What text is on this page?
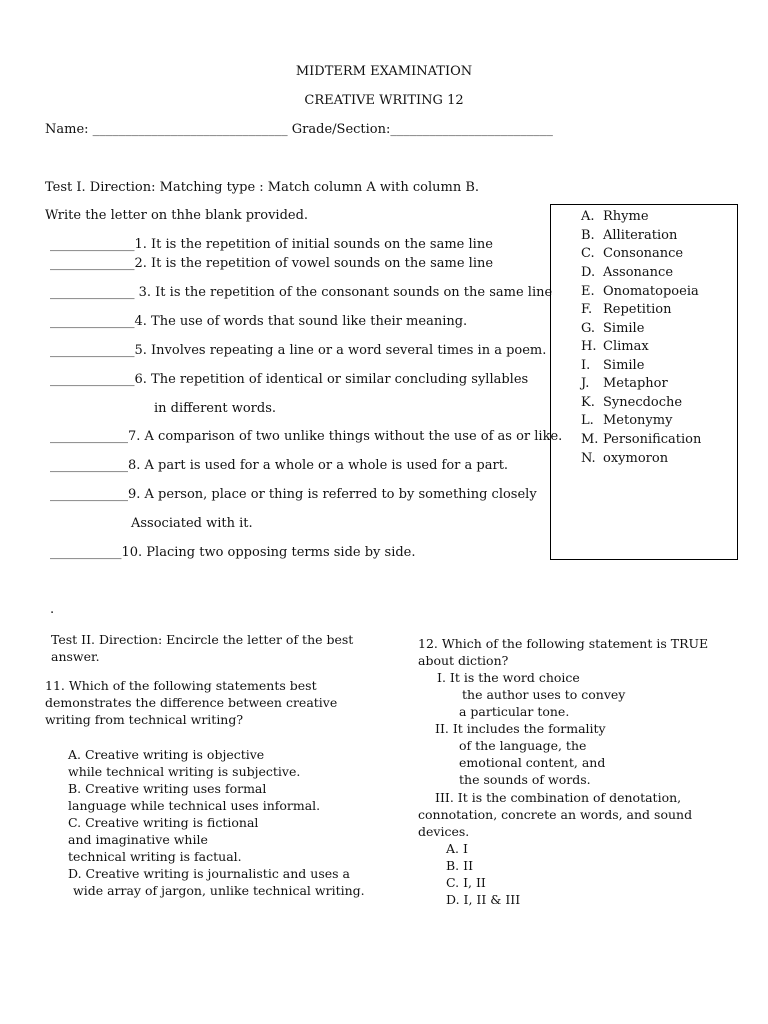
MIDTERM EXAMINATION
CREATIVE WRITING 12
Name: ______________________________ Grade/Section:_________________________
Test I. Direction: Matching type : Match column A with column B.
Write the letter on thhe blank provided.
_____________1. It is the repetition of initial sounds on the same line
_____________2. It is the repetition of vowel sounds on the same line
_____________ 3. It is the repetition of the consonant sounds on the same line
_____________4. The use of words that sound like their meaning.
_____________5. Involves repeating a line or a word several times in a poem.
_____________6. The repetition of identical or similar concluding syllables
in different words.
____________7. A comparison of two unlike things without the use of as or like.
____________8. A part is used for a whole or a whole is used for a part.
____________9. A person, place or thing is referred to by something closely
Associated with it.
___________10. Placing two opposing terms side by side.
A. Rhyme
B. Alliteration
C. Consonance
D. Assonance
E. Onomatopoeia
F. Repetition
G. Simile
H. Climax
I. Simile
J. Metaphor
K. Synecdoche
L. Metonymy
M. Personification
N. oxymoron
.
Test II. Direction: Encircle the letter of the best
answer.
11. Which of the following statements best
demonstrates the difference between creative
writing from technical writing?
A. Creative writing is objective
while technical writing is subjective.
B. Creative writing uses formal
language while technical uses informal.
C. Creative writing is fictional
and imaginative while
technical writing is factual.
D. Creative writing is journalistic and uses a
wide array of jargon, unlike technical writing.
12. Which of the following statement is TRUE
about diction?
I. It is the word choice
the author uses to convey
a particular tone.
II. It includes the formality
of the language, the
emotional content, and
the sounds of words.
III. It is the combination of denotation,
connotation, concrete an words, and sound
devices.
A. I
B. II
C. I, II
D. I, II & III
